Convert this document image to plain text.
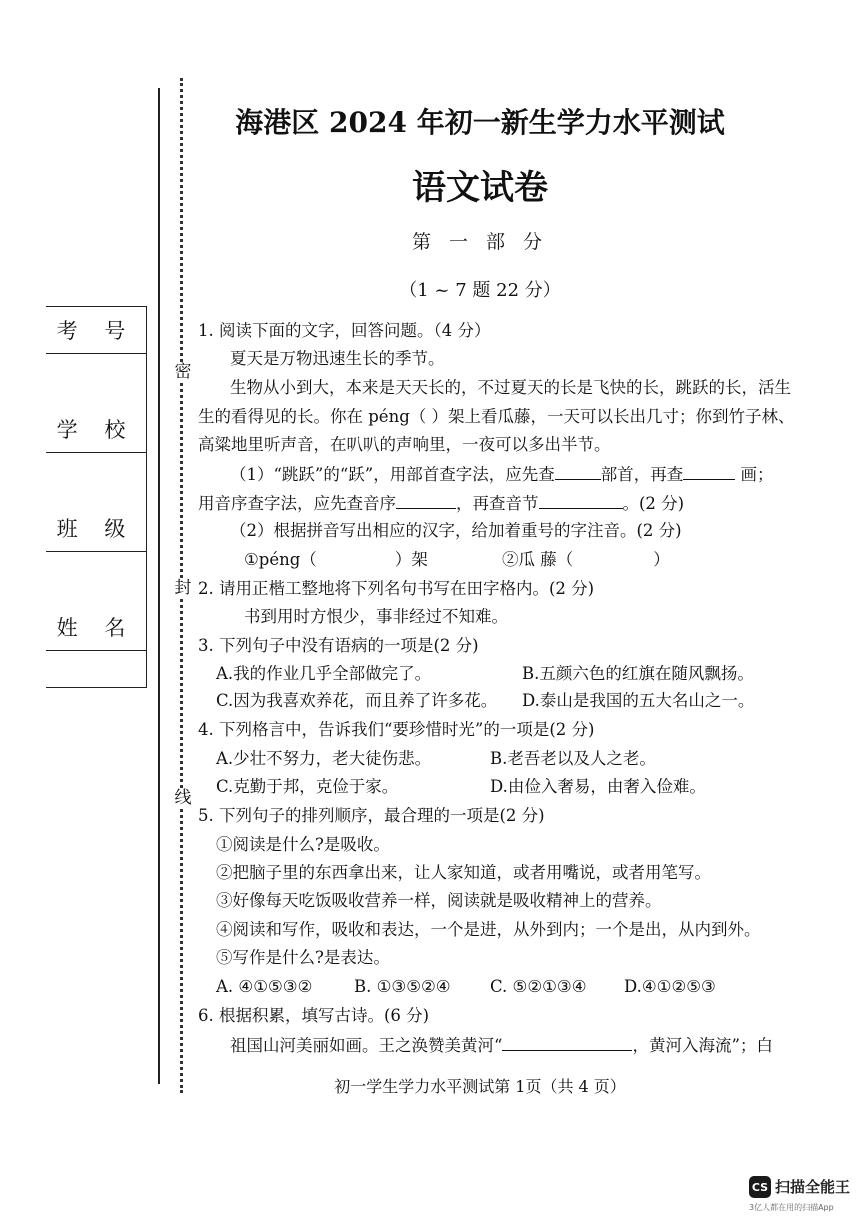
密
封
线
考 号
学 校
班 级
姓 名
海港区 2024 年初一新生学力水平测试
语文试卷
第 一 部 分
（1 ~ 7 题 22 分）
1. 阅读下面的文字，回答问题。（4 分）
夏天是万物迅速生长的季节。
生物从小到大，本来是天天长的，不过夏天的长是飞快的长，跳跃的长，活生
生的看得见的长。你在 péng（ ）架上看瓜藤，一天可以长出几寸；你到竹子林、
高粱地里听声音，在叭叭的声响里，一夜可以多出半节。
（1）“跳跃”的“跃”，用部首查字法，应先查	部首，再查	画；
用音序查字法，应先查音序	，再查音节	。(2 分)
（2）根据拼音写出相应的汉字，给加着重号的字注音。(2 分)
①péng（	）架	②瓜 藤（	）
2. 请用正楷工整地将下列名句书写在田字格内。(2 分)
书到用时方恨少，事非经过不知难。
3. 下列句子中没有语病的一项是(2 分)
A.我的作业几乎全部做完了。	B.五颜六色的红旗在随风飘扬。
C.因为我喜欢养花，而且养了许多花。 D.泰山是我国的五大名山之一。
4. 下列格言中，告诉我们“要珍惜时光”的一项是(2 分)
A.少壮不努力，老大徒伤悲。	B.老吾老以及人之老。
C.克勤于邦，克俭于家。	D.由俭入奢易，由奢入俭难。
5. 下列句子的排列顺序，最合理的一项是(2 分)
①阅读是什么?是吸收。
②把脑子里的东西拿出来，让人家知道，或者用嘴说，或者用笔写。
③好像每天吃饭吸收营养一样，阅读就是吸收精神上的营养。
④阅读和写作，吸收和表达，一个是进，从外到内；一个是出，从内到外。
⑤写作是什么?是表达。
A. ④①⑤③②	B. ①③⑤②④ C. ⑤②①③④ D.④①②⑤③
6. 根据积累，填写古诗。(6 分)
祖国山河美丽如画。王之涣赞美黄河“	，黄河入海流”；白
初一学生学力水平测试第 1页（共 4 页）
CS 扫描全能王
3亿人都在用的扫描App
